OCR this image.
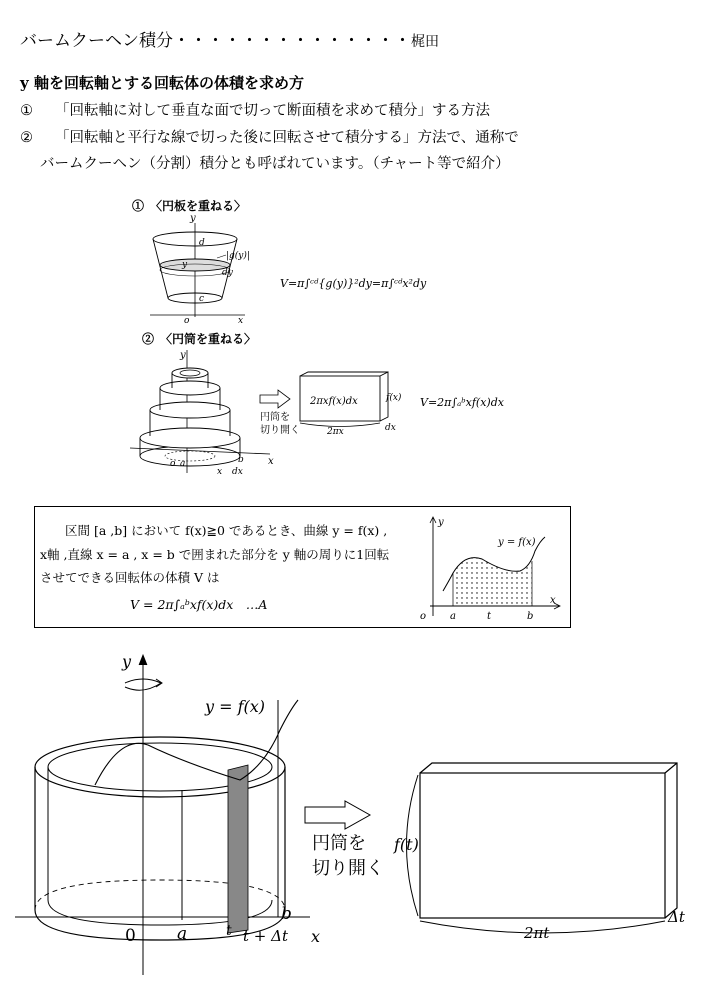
バームクーヘン積分・・・・・・・・・・・・・・梶田
y 軸を回転軸とする回転体の体積を求め方
① 「回転軸に対して垂直な面で切って断面積を求めて積分」する方法
② 「回転軸と平行な線で切った後に回転させて積分する」方法で、通称で
バームクーヘン（分割）積分とも呼ばれています。（チャート等で紹介）
①　〈円板を重ねる〉
y
x
o
d
y
c
|g(y)|
dy
V=π∫ᶜᵈ{g(y)}²dy=π∫ᶜᵈx²dy
②　〈円筒を重ねる〉
y
x
o a	b
x dx
円筒を
切り開く
2πxf(x)dx	f(x)
2πx	dx
V=2π∫ₐᵇxf(x)dx
区間 [a ,b] において f(x)≧0 であるとき、曲線 y = f(x) ,
x軸 ,直線 x = a , x = b で囲まれた部分を y 軸の周りに1回転
させてできる回転体の体積 V は
V = 2π∫ₐᵇxf(x)dx　…A
y
x
o a	t	b
y = f(x)
y
x
y = f(x)
0 a	t t + Δt
b
円筒を
切り開く
f(t)
2πt
Δt
